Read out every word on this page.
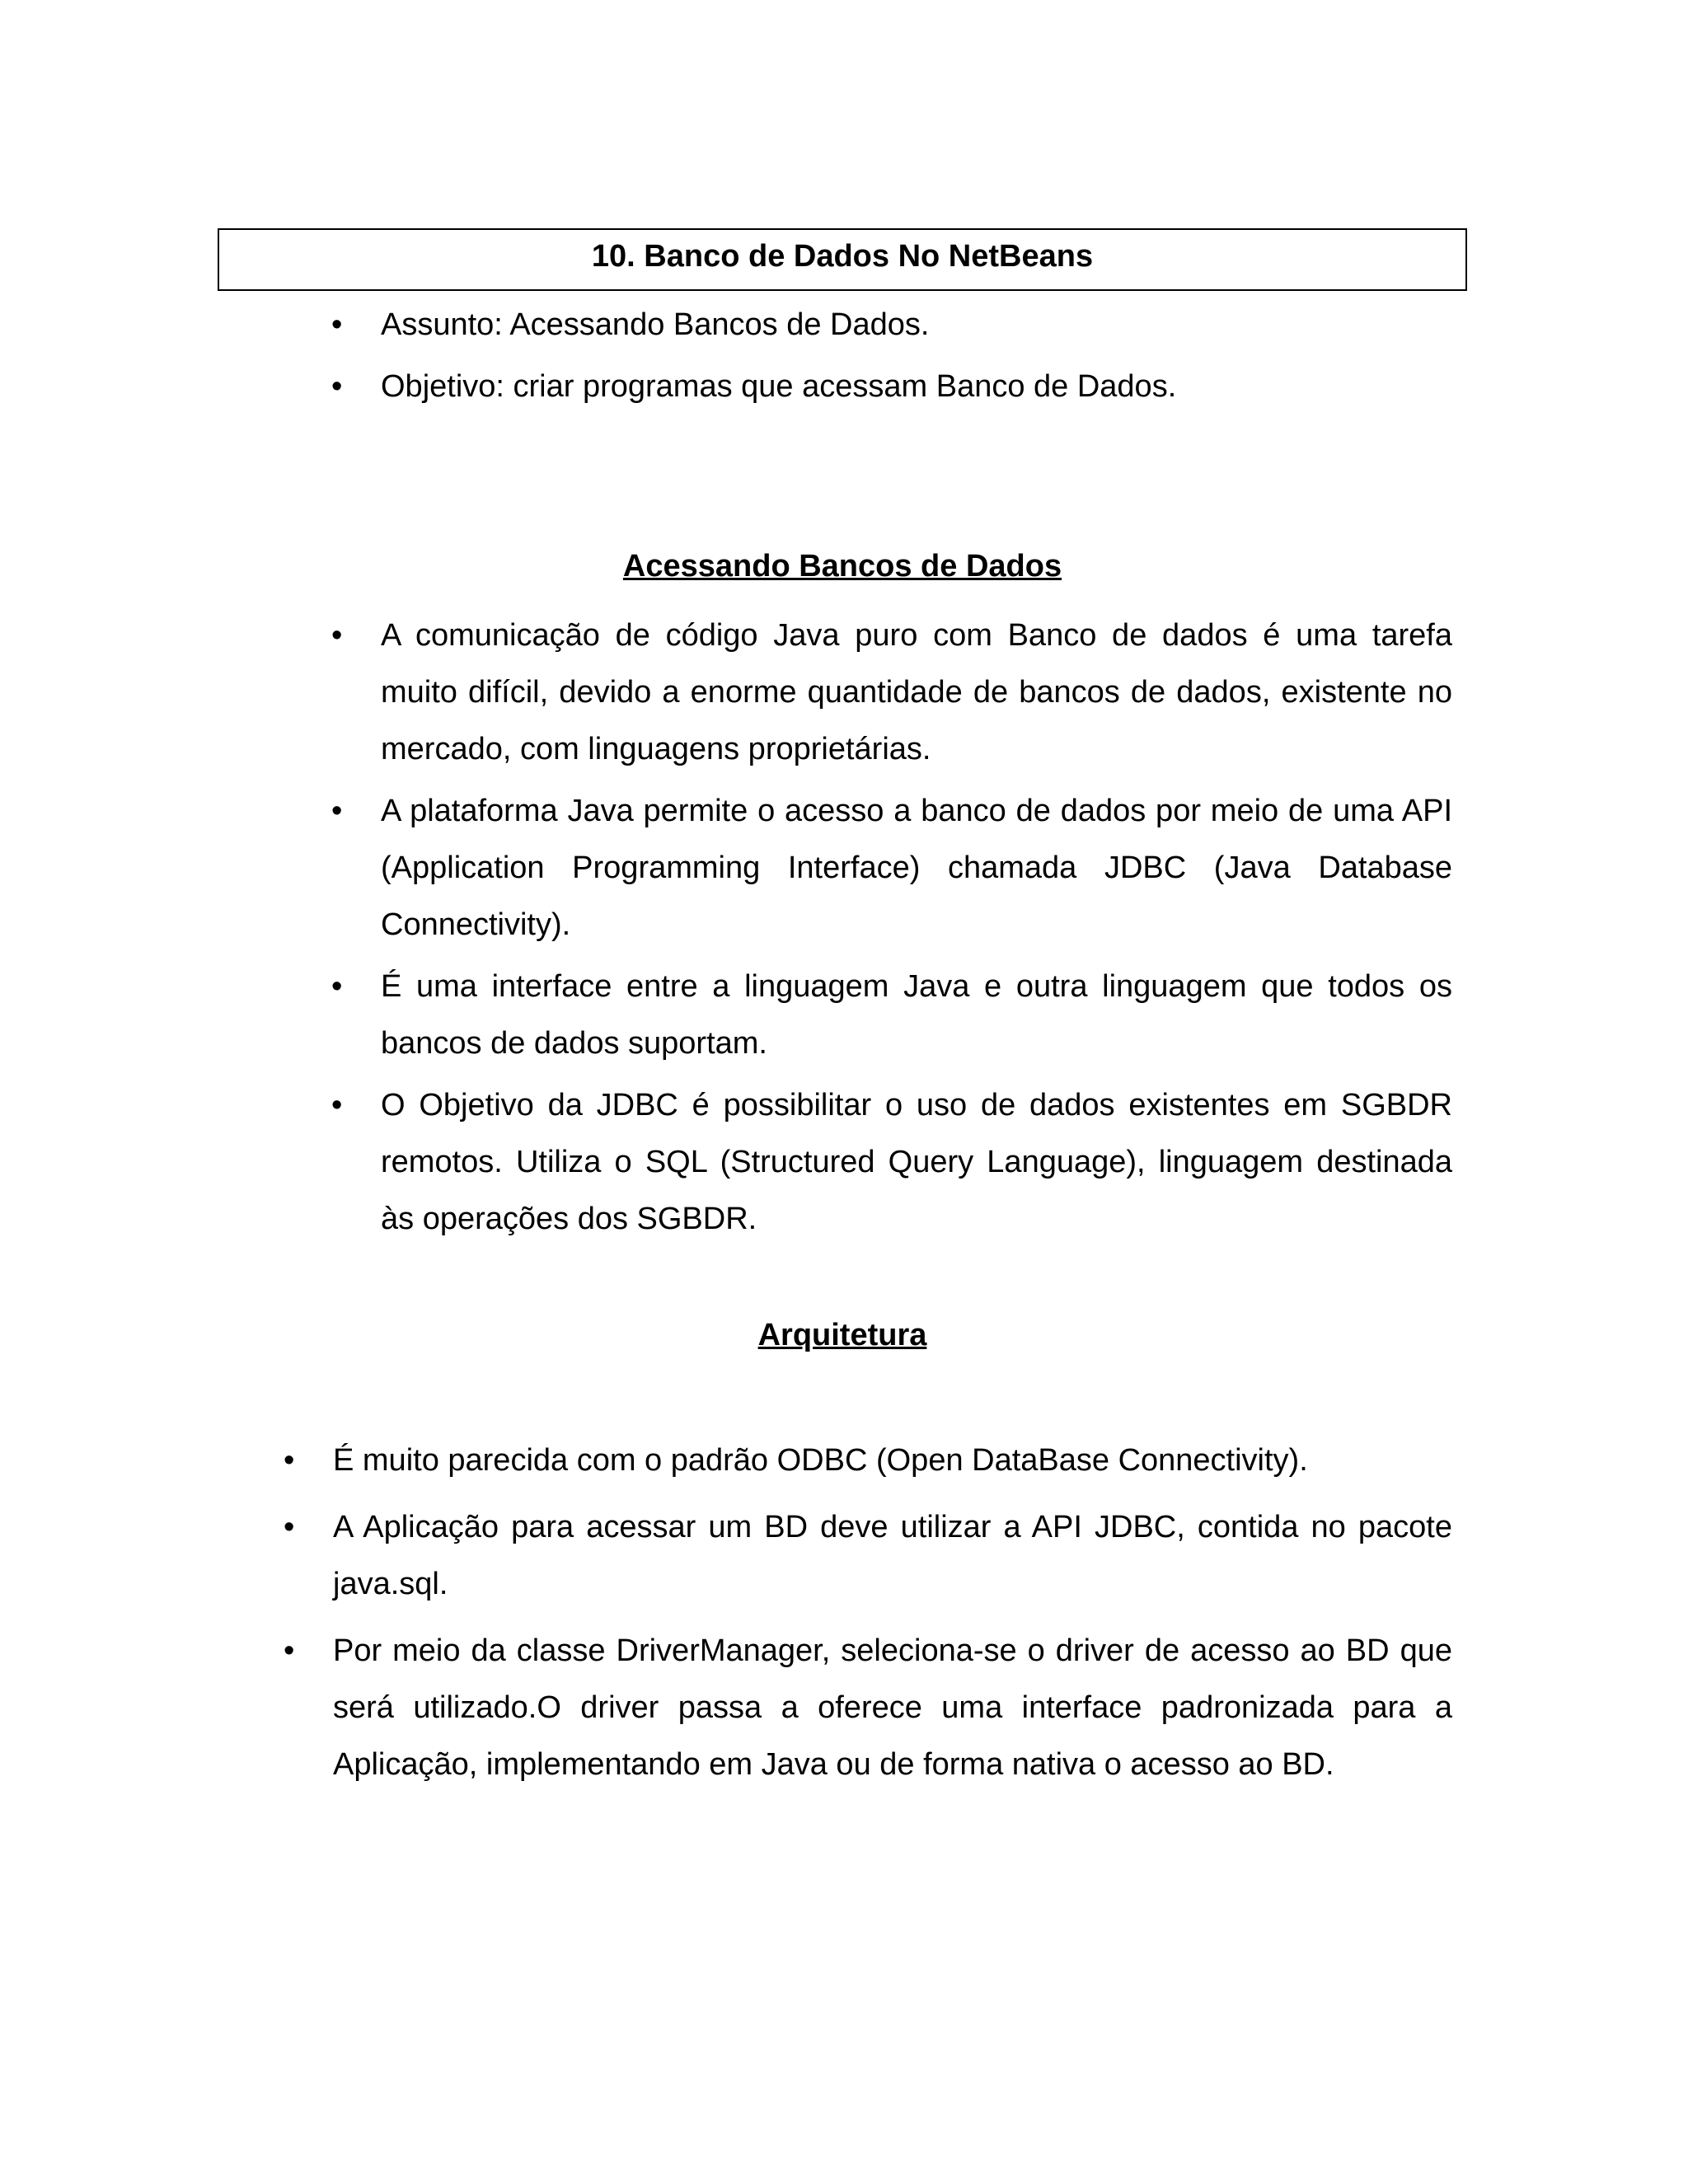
10. Banco de Dados No NetBeans
• Assunto: Acessando Bancos de Dados.
• Objetivo: criar programas que acessam Banco de Dados.
Acessando Bancos de Dados
• A comunicação de código Java puro com Banco de dados é uma tarefa muito difícil, devido a enorme quantidade de bancos de dados, existente no mercado, com linguagens proprietárias.
• A plataforma Java permite o acesso a banco de dados por meio de uma API (Application Programming Interface) chamada JDBC (Java Database Connectivity).
• É uma interface entre a linguagem Java e outra linguagem que todos os bancos de dados suportam.
• O Objetivo da JDBC é possibilitar o uso de dados existentes em SGBDR remotos. Utiliza o SQL (Structured Query Language), linguagem destinada às operações dos SGBDR.
Arquitetura
• É muito parecida com o padrão ODBC (Open DataBase Connectivity).
• A Aplicação para acessar um BD deve utilizar a API JDBC, contida no pacote java.sql.
• Por meio da classe DriverManager, seleciona-se o driver de acesso ao BD que será utilizado.O driver passa a oferece uma interface padronizada para a Aplicação, implementando em Java ou de forma nativa o acesso ao BD.
